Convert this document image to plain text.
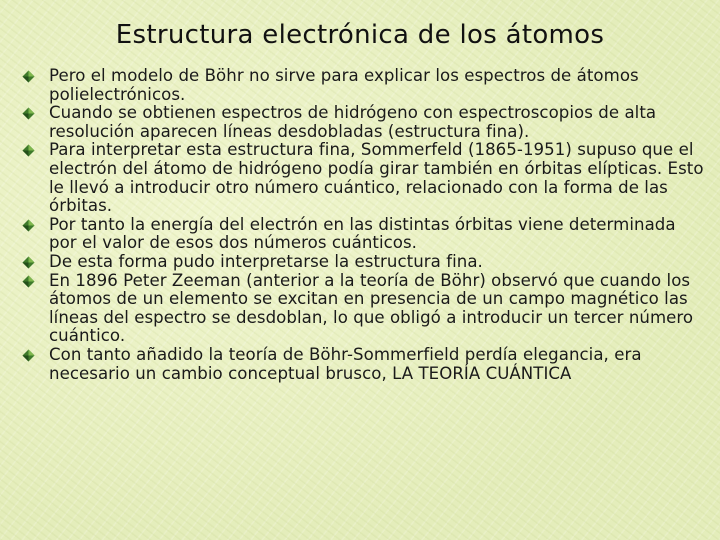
Estructura electrónica de los átomos
Pero el modelo de Böhr no sirve para explicar los espectros de átomos polielectrónicos.
Cuando se obtienen espectros de hidrógeno con espectroscopios de alta resolución aparecen líneas desdobladas (estructura fina).
Para interpretar esta estructura fina, Sommerfeld (1865-1951) supuso que el electrón del átomo de hidrógeno podía girar también en órbitas elípticas. Esto le llevó a introducir otro número cuántico, relacionado con la forma de las órbitas.
Por tanto la energía del electrón en las distintas órbitas viene determinada por el valor de esos dos números cuánticos.
De esta forma pudo interpretarse la estructura fina.
En 1896 Peter Zeeman (anterior a la teoría de Böhr) observó que cuando los átomos de un elemento se excitan en presencia de un campo magnético las líneas del espectro se desdoblan, lo que obligó a introducir un tercer número cuántico.
Con tanto añadido la teoría de Böhr-Sommerfield perdía elegancia, era necesario un cambio conceptual brusco, LA TEORÍA CUÁNTICA
